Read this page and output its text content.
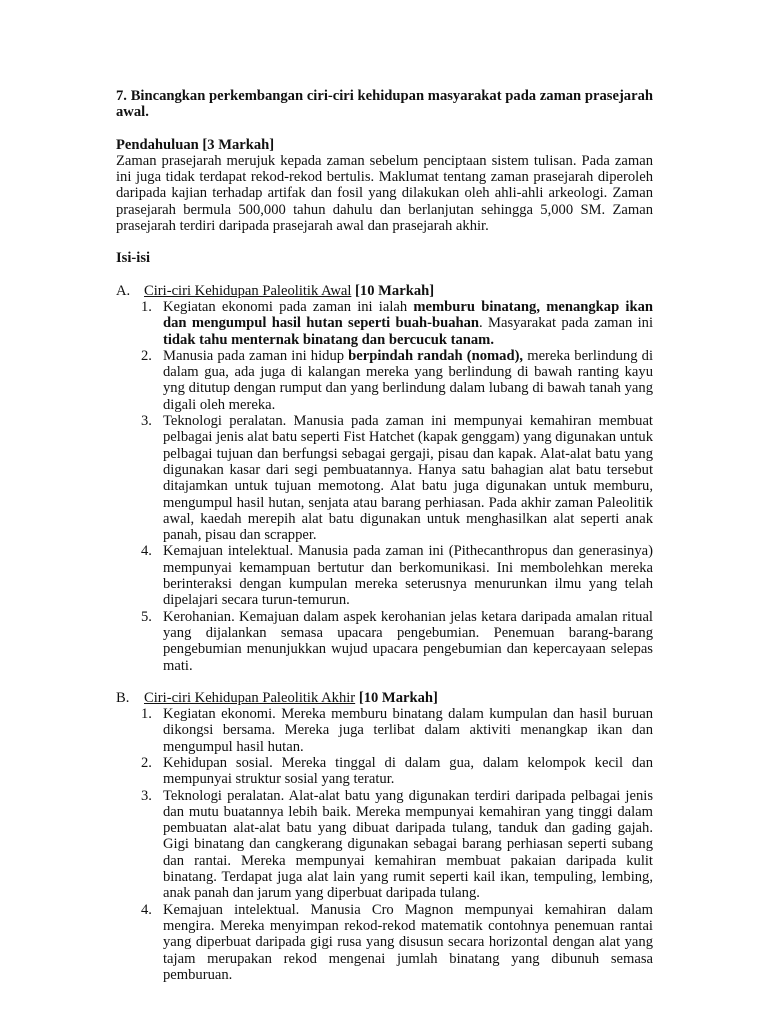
7. Bincangkan perkembangan ciri-ciri kehidupan masyarakat pada zaman prasejarah awal.

Pendahuluan [3 Markah]

Zaman prasejarah merujuk kepada zaman sebelum penciptaan sistem tulisan. Pada zaman ini juga tidak terdapat rekod-rekod bertulis. Maklumat tentang zaman prasejarah diperoleh daripada kajian terhadap artifak dan fosil yang dilakukan oleh ahli-ahli arkeologi. Zaman prasejarah bermula 500,000 tahun dahulu dan berlanjutan sehingga 5,000 SM. Zaman prasejarah terdiri daripada prasejarah awal dan prasejarah akhir.

Isi-isi

A. Ciri-ciri Kehidupan Paleolitik Awal [10 Markah]

1. Kegiatan ekonomi pada zaman ini ialah memburu binatang, menangkap ikan dan mengumpul hasil hutan seperti buah-buahan. Masyarakat pada zaman ini tidak tahu menternak binatang dan bercucuk tanam.
2. Manusia pada zaman ini hidup berpindah randah (nomad), mereka berlindung di dalam gua, ada juga di kalangan mereka yang berlindung di bawah ranting kayu yng ditutup dengan rumput dan yang berlindung dalam lubang di bawah tanah yang digali oleh mereka.
3. Teknologi peralatan. Manusia pada zaman ini mempunyai kemahiran membuat pelbagai jenis alat batu seperti Fist Hatchet (kapak genggam) yang digunakan untuk pelbagai tujuan dan berfungsi sebagai gergaji, pisau dan kapak. Alat-alat batu yang digunakan kasar dari segi pembuatannya. Hanya satu bahagian alat batu tersebut ditajamkan untuk tujuan memotong. Alat batu juga digunakan untuk memburu, mengumpul hasil hutan, senjata atau barang perhiasan. Pada akhir zaman Paleolitik awal, kaedah merepih alat batu digunakan untuk menghasilkan alat seperti anak panah, pisau dan scrapper.
4. Kemajuan intelektual. Manusia pada zaman ini (Pithecanthropus dan generasinya) mempunyai kemampuan bertutur dan berkomunikasi. Ini membolehkan mereka berinteraksi dengan kumpulan mereka seterusnya menurunkan ilmu yang telah dipelajari secara turun-temurun.
5. Kerohanian. Kemajuan dalam aspek kerohanian jelas ketara daripada amalan ritual yang dijalankan semasa upacara pengebumian. Penemuan barang-barang pengebumian menunjukkan wujud upacara pengebumian dan kepercayaan selepas mati.
B. Ciri-ciri Kehidupan Paleolitik Akhir [10 Markah]

1. Kegiatan ekonomi. Mereka memburu binatang dalam kumpulan dan hasil buruan dikongsi bersama. Mereka juga terlibat dalam aktiviti menangkap ikan dan mengumpul hasil hutan.
2. Kehidupan sosial. Mereka tinggal di dalam gua, dalam kelompok kecil dan mempunyai struktur sosial yang teratur.
3. Teknologi peralatan. Alat-alat batu yang digunakan terdiri daripada pelbagai jenis dan mutu buatannya lebih baik. Mereka mempunyai kemahiran yang tinggi dalam pembuatan alat-alat batu yang dibuat daripada tulang, tanduk dan gading gajah. Gigi binatang dan cangkerang digunakan sebagai barang perhiasan seperti subang dan rantai. Mereka mempunyai kemahiran membuat pakaian daripada kulit binatang. Terdapat juga alat lain yang rumit seperti kail ikan, tempuling, lembing, anak panah dan jarum yang diperbuat daripada tulang.
4. Kemajuan intelektual. Manusia Cro Magnon mempunyai kemahiran dalam mengira. Mereka menyimpan rekod-rekod matematik contohnya penemuan rantai yang diperbuat daripada gigi rusa yang disusun secara horizontal dengan alat yang tajam merupakan rekod mengenai jumlah binatang yang dibunuh semasa pemburuan.
